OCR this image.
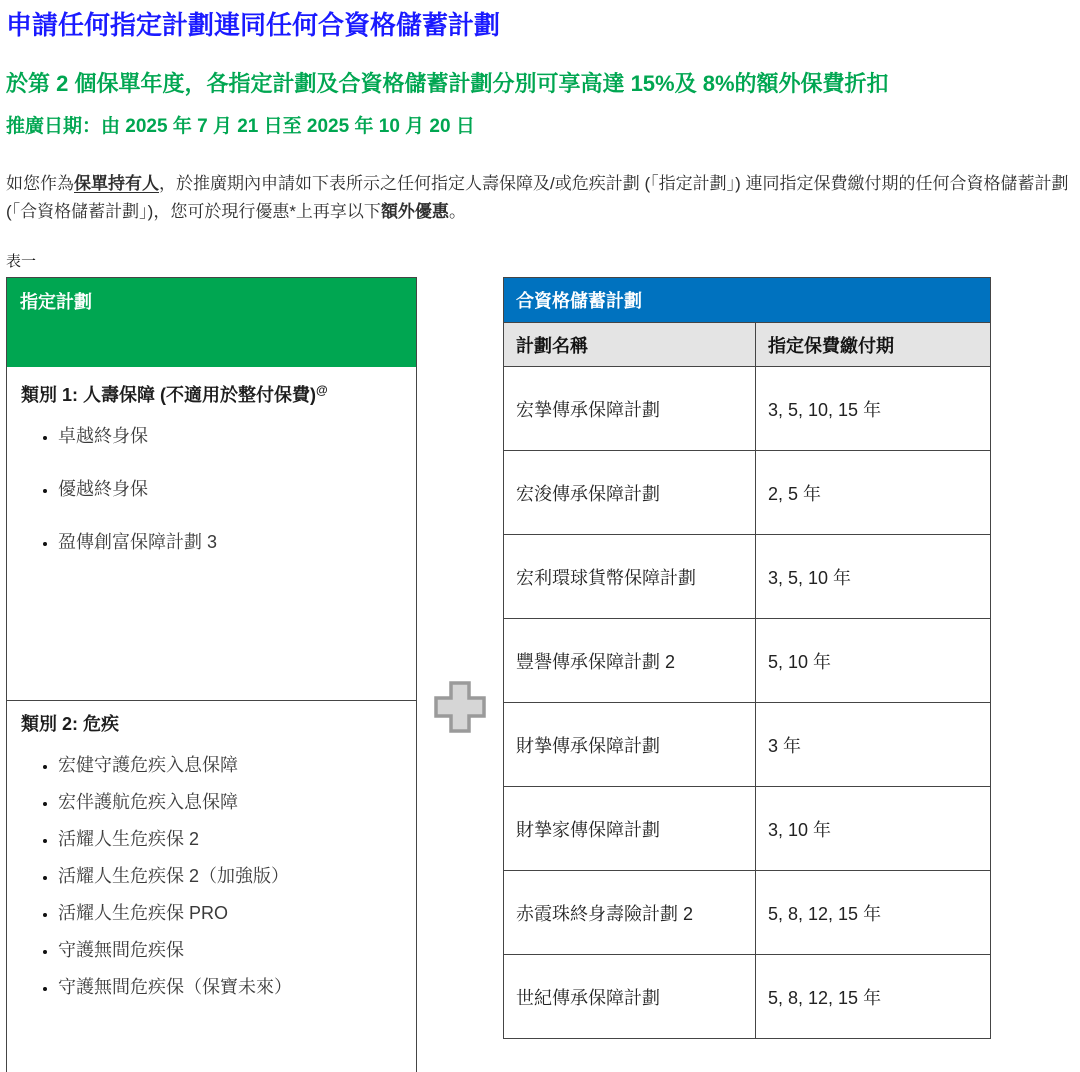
申請任何指定計劃連同任何合資格儲蓄計劃
於第 2 個保單年度，各指定計劃及合資格儲蓄計劃分別可享高達 15%及 8%的額外保費折扣
推廣日期：由 2025 年 7 月 21 日至 2025 年 10 月 20 日

如您作為保單持有人，於推廣期內申請如下表所示之任何指定人壽保障及/或危疾計劃 (「指定計劃」) 連同指定保費繳付期的任何合資格儲蓄計劃 (「合資格儲蓄計劃」)，您可於現行優惠*上再享以下額外優惠。

表一
指定計劃

類別 1: 人壽保障 (不適用於整付保費)@

• 卓越終身保
• 優越終身保
• 盈傳創富保障計劃 3

類別 2: 危疾

• 宏健守護危疾入息保障
• 宏伴護航危疾入息保障
• 活耀人生危疾保 2
• 活耀人生危疾保 2（加強版）
• 活耀人生危疾保 PRO
• 守護無間危疾保
• 守護無間危疾保（保寶未來）
合資格儲蓄計劃	
計劃名稱	指定保費繳付期
宏摯傳承保障計劃	3, 5, 10, 15 年
宏浚傳承保障計劃	2, 5 年
宏利環球貨幣保障計劃	3, 5, 10 年
豐譽傳承保障計劃 2	5, 10 年
財摯傳承保障計劃	3 年
財摯家傳保障計劃	3, 10 年
赤霞珠終身壽險計劃 2	5, 8, 12, 15 年
世紀傳承保障計劃	5, 8, 12, 15 年
